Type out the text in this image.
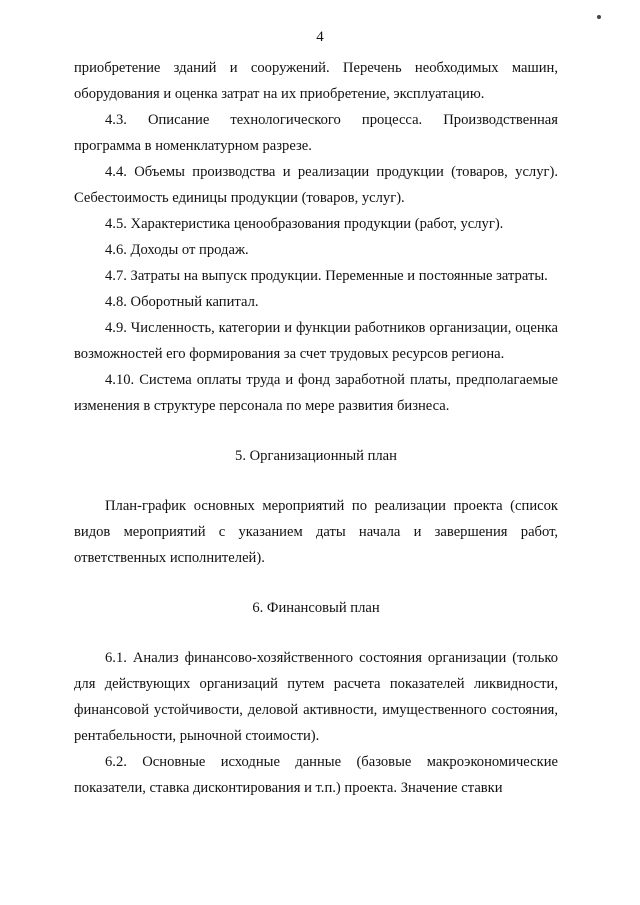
4

приобретение зданий и сооружений. Перечень необходимых машин, оборудования и оценка затрат на их приобретение, эксплуатацию.

4.3. Описание технологического процесса. Производственная программа в номенклатурном разрезе.

4.4. Объемы производства и реализации продукции (товаров, услуг). Себестоимость единицы продукции (товаров, услуг).

4.5. Характеристика ценообразования продукции (работ, услуг).

4.6. Доходы от продаж.

4.7. Затраты на выпуск продукции. Переменные и постоянные затраты.

4.8. Оборотный капитал.

4.9. Численность, категории и функции работников организации, оценка возможностей его формирования за счет трудовых ресурсов региона.

4.10. Система оплаты труда и фонд заработной платы, предполагаемые изменения в структуре персонала по мере развития бизнеса.

5. Организационный план

План-график основных мероприятий по реализации проекта (список видов мероприятий с указанием даты начала и завершения работ, ответственных исполнителей).

6. Финансовый план

6.1. Анализ финансово-хозяйственного состояния организации (только для действующих организаций путем расчета показателей ликвидности, финансовой устойчивости, деловой активности, имущественного состояния, рентабельности, рыночной стоимости).

6.2. Основные исходные данные (базовые макроэкономические показатели, ставка дисконтирования и т.п.) проекта. Значение ставки
